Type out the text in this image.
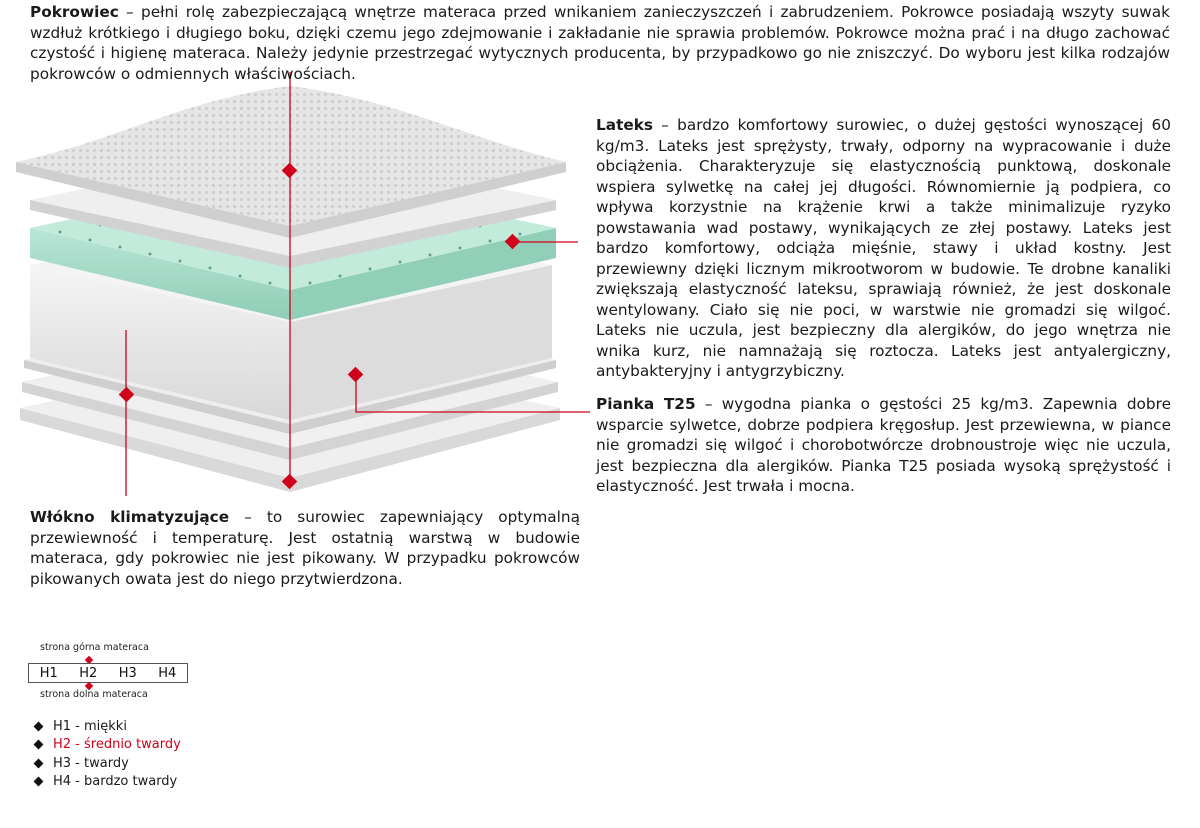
Pokrowiec – pełni rolę zabezpieczającą wnętrze materaca przed wnikaniem zanieczyszczeń i zabrudzeniem. Pokrowce posiadają wszyty suwak wzdłuż krótkiego i długiego boku, dzięki czemu jego zdejmowanie i zakładanie nie sprawia problemów. Pokrowce można prać i na długo zachować czystość i higienę materaca. Należy jedynie przestrzegać wytycznych producenta, by przypadkowo go nie zniszczyć. Do wyboru jest kilka rodzajów pokrowców o odmiennych właściwościach.
Lateks – bardzo komfortowy surowiec, o dużej gęstości wynoszącej 60 kg/m3. Lateks jest sprężysty, trwały, odporny na wypracowanie i duże obciążenia. Charakteryzuje się elastycznością punktową, doskonale wspiera sylwetkę na całej jej długości. Równomiernie ją podpiera, co wpływa korzystnie na krążenie krwi a także minimalizuje ryzyko powstawania wad postawy, wynikających ze złej postawy. Lateks jest bardzo komfortowy, odciąża mięśnie, stawy i układ kostny. Jest przewiewny dzięki licznym mikrootworom w budowie. Te drobne kanaliki zwiększają elastyczność lateksu, sprawiają również, że jest doskonale wentylowany. Ciało się nie poci, w warstwie nie gromadzi się wilgoć. Lateks nie uczula, jest bezpieczny dla alergików, do jego wnętrza nie wnika kurz, nie namnażają się roztocza. Lateks jest antyalergiczny, antybakteryjny i antygrzybiczny.
Pianka T25 – wygodna pianka o gęstości 25 kg/m3. Zapewnia dobre wsparcie sylwetce, dobrze podpiera kręgosłup. Jest przewiewna, w piance nie gromadzi się wilgoć i chorobotwórcze drobnoustroje więc nie uczula, jest bezpieczna dla alergików. Pianka T25 posiada wysoką sprężystość i elastyczność. Jest trwała i mocna.
Włókno klimatyzujące – to surowiec zapewniający optymalną przewiewność i temperaturę. Jest ostatnią warstwą w budowie materaca, gdy pokrowiec nie jest pikowany. W przypadku pokrowców pikowanych owata jest do niego przytwierdzona.
strona górna materaca
H1 H2 H3 H4
strona dolna materaca
H1 - miękki
H2 - średnio twardy
H3 - twardy
H4 - bardzo twardy
